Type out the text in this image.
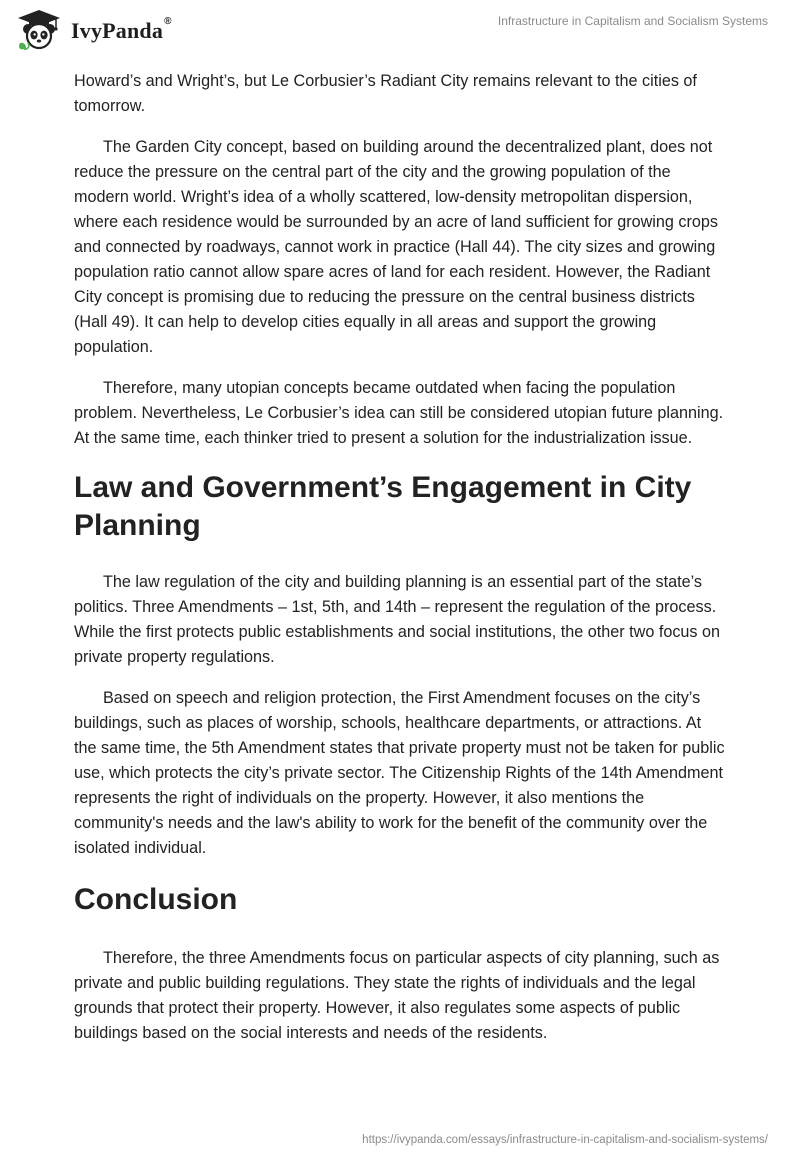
IvyPanda®	Infrastructure in Capitalism and Socialism Systems

Howard’s and Wright’s, but Le Corbusier’s Radiant City remains relevant to the cities of tomorrow.

The Garden City concept, based on building around the decentralized plant, does not reduce the pressure on the central part of the city and the growing population of the modern world. Wright’s idea of a wholly scattered, low-density metropolitan dispersion, where each residence would be surrounded by an acre of land sufficient for growing crops and connected by roadways, cannot work in practice (Hall 44). The city sizes and growing population ratio cannot allow spare acres of land for each resident. However, the Radiant City concept is promising due to reducing the pressure on the central business districts (Hall 49). It can help to develop cities equally in all areas and support the growing population.

Therefore, many utopian concepts became outdated when facing the population problem. Nevertheless, Le Corbusier’s idea can still be considered utopian future planning. At the same time, each thinker tried to present a solution for the industrialization issue.

Law and Government’s Engagement in City Planning

The law regulation of the city and building planning is an essential part of the state’s politics. Three Amendments – 1st, 5th, and 14th – represent the regulation of the process. While the first protects public establishments and social institutions, the other two focus on private property regulations.

Based on speech and religion protection, the First Amendment focuses on the city’s buildings, such as places of worship, schools, healthcare departments, or attractions. At the same time, the 5th Amendment states that private property must not be taken for public use, which protects the city’s private sector. The Citizenship Rights of the 14th Amendment represents the right of individuals on the property. However, it also mentions the community's needs and the law's ability to work for the benefit of the community over the isolated individual.

Conclusion

Therefore, the three Amendments focus on particular aspects of city planning, such as private and public building regulations. They state the rights of individuals and the legal grounds that protect their property. However, it also regulates some aspects of public buildings based on the social interests and needs of the residents.

https://ivypanda.com/essays/infrastructure-in-capitalism-and-socialism-systems/
